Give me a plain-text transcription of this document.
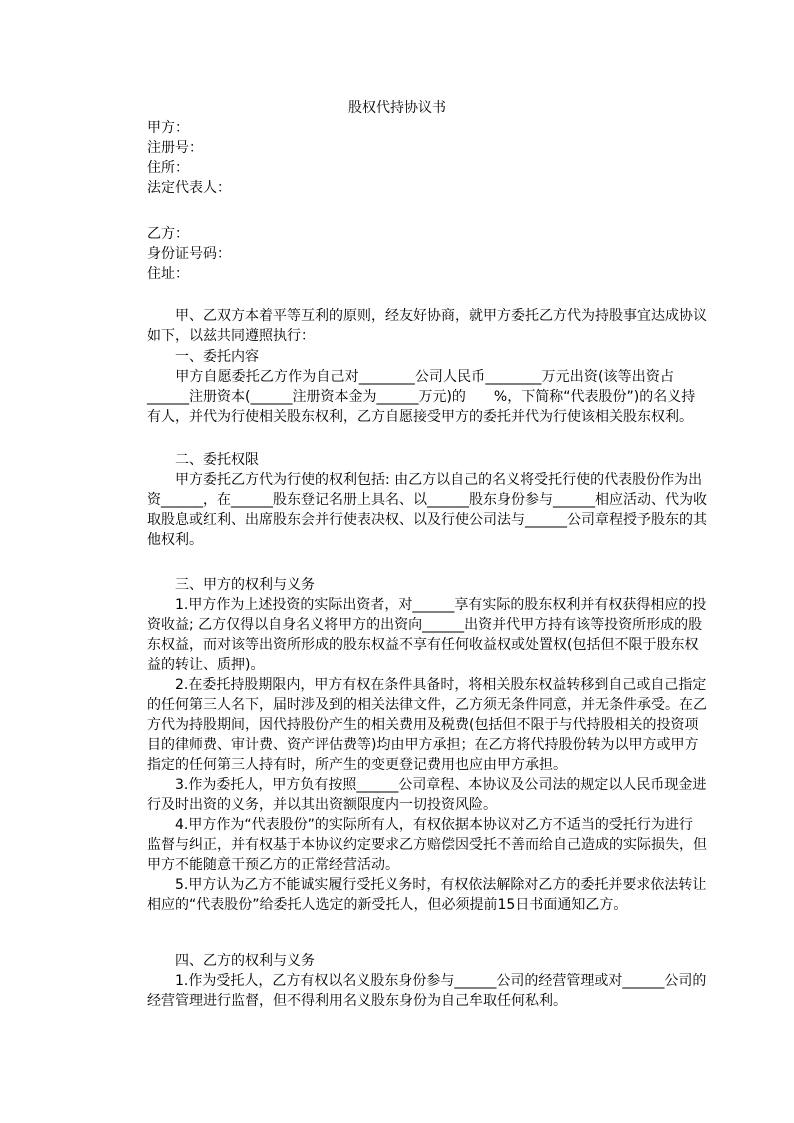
股权代持协议书
甲方：
注册号：
住所：
法定代表人：
乙方：
身份证号码：
住址：
　　甲、乙双方本着平等互利的原则，经友好协商，就甲方委托乙方代为持股事宜达成协议
如下，以兹共同遵照执行：
　　一、委托内容
　　甲方自愿委托乙方作为自己对________公司人民币________万元出资(该等出资占
______注册资本(______注册资本金为______万元)的　　%，下简称“代表股份”)的名义持
有人，并代为行使相关股东权利，乙方自愿接受甲方的委托并代为行使该相关股东权利。
　　二、委托权限
　　甲方委托乙方代为行使的权利包括: 由乙方以自己的名义将受托行使的代表股份作为出
资______，在______股东登记名册上具名、以______股东身份参与______相应活动、代为收
取股息或红利、出席股东会并行使表决权、以及行使公司法与______公司章程授予股东的其
他权利。
　　三、甲方的权利与义务
　　1.甲方作为上述投资的实际出资者，对______享有实际的股东权利并有权获得相应的投
资收益; 乙方仅得以自身名义将甲方的出资向______出资并代甲方持有该等投资所形成的股
东权益，而对该等出资所形成的股东权益不享有任何收益权或处置权(包括但不限于股东权
益的转让、质押)。
　　2.在委托持股期限内，甲方有权在条件具备时，将相关股东权益转移到自己或自己指定
的任何第三人名下，届时涉及到的相关法律文件，乙方须无条件同意，并无条件承受。在乙
方代为持股期间，因代持股份产生的相关费用及税费(包括但不限于与代持股相关的投资项
目的律师费、审计费、资产评估费等)均由甲方承担；在乙方将代持股份转为以甲方或甲方
指定的任何第三人持有时，所产生的变更登记费用也应由甲方承担。
　　3.作为委托人，甲方负有按照______公司章程、本协议及公司法的规定以人民币现金进
行及时出资的义务，并以其出资额限度内一切投资风险。
　　4.甲方作为“代表股份”的实际所有人，有权依据本协议对乙方不适当的受托行为进行
监督与纠正，并有权基于本协议约定要求乙方赔偿因受托不善而给自己造成的实际损失，但
甲方不能随意干预乙方的正常经营活动。
　　5.甲方认为乙方不能诚实履行受托义务时，有权依法解除对乙方的委托并要求依法转让
相应的“代表股份”给委托人选定的新受托人，但必须提前15日书面通知乙方。
　　四、乙方的权利与义务
　　1.作为受托人，乙方有权以名义股东身份参与______公司的经营管理或对______公司的
经营管理进行监督，但不得利用名义股东身份为自己牟取任何私利。
